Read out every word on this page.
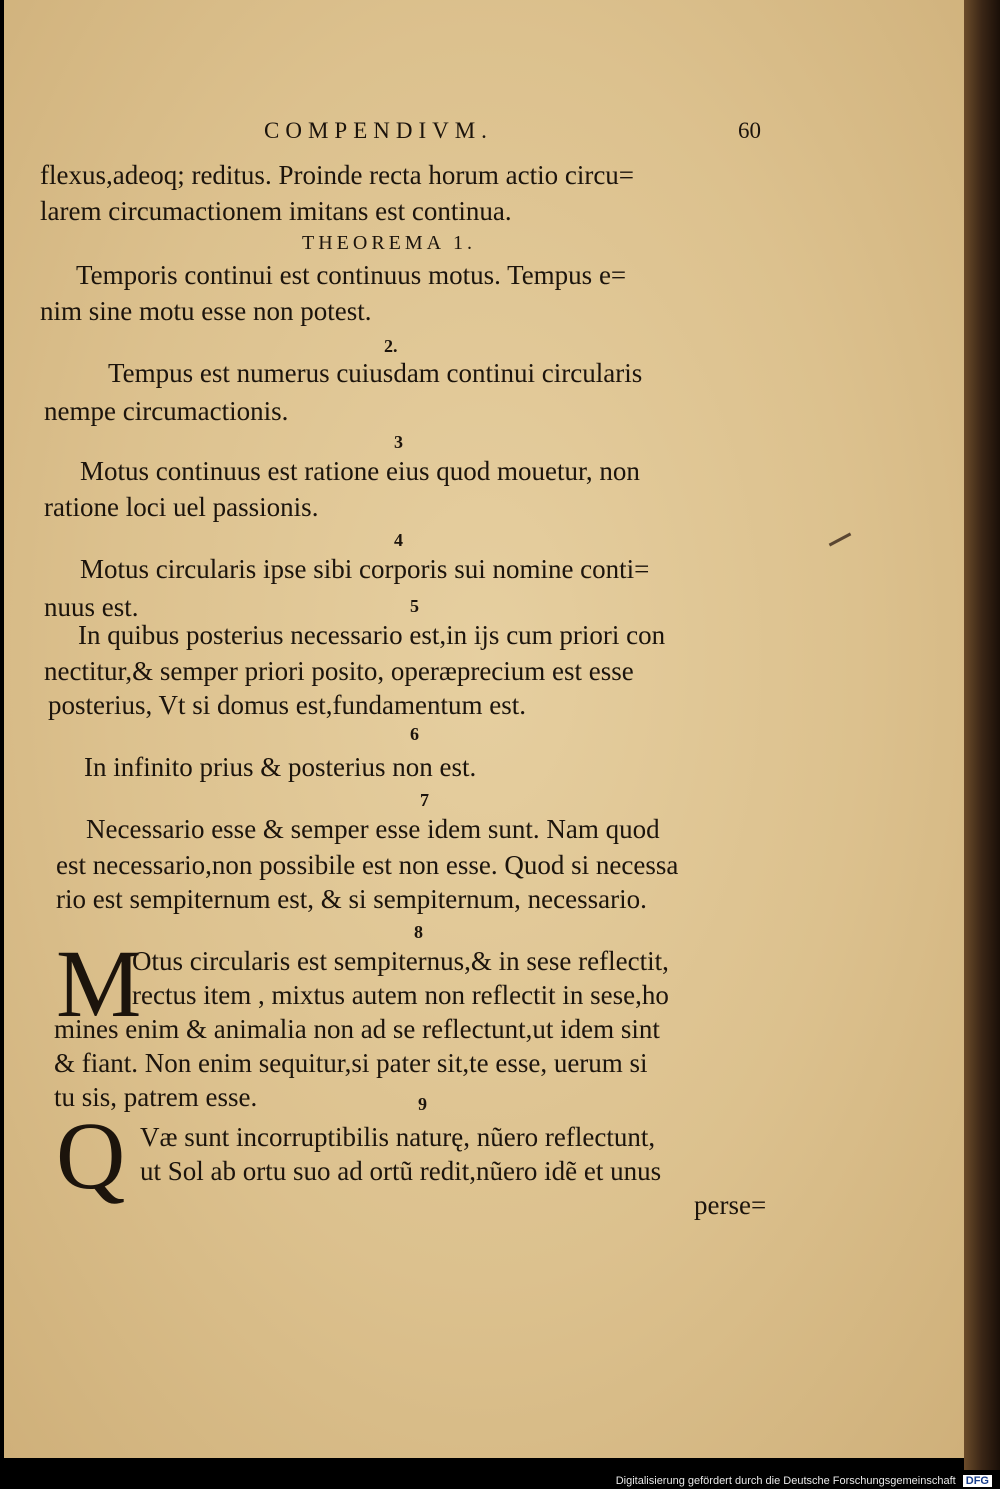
COMPENDIVM.	60
flexus,adeoq; reditus. Proinde recta horum actio circu=
larem circumactionem imitans est continua.
THEOREMA 1.
Temporis continui est continuus motus. Tempus e=
nim sine motu esse non potest.
2.
Tempus est numerus cuiusdam continui circularis
nempe circumactionis.
3
Motus continuus est ratione eius quod mouetur, non
ratione loci uel passionis.
4
Motus circularis ipse sibi corporis sui nomine conti=
nuus est.	5
In quibus posterius necessario est,in ijs cum priori con
nectitur,& semper priori posito, operæprecium est esse
posterius, Vt si domus est,fundamentum est.
6
In infinito prius & posterius non est.
7
Necessario esse & semper esse idem sunt. Nam quod
est necessario,non possibile est non esse. Quod si necessa
rio est sempiternum est, & si sempiternum, necessario.
8
M
Otus circularis est sempiternus,& in sese reflectit,
rectus item , mixtus autem non reflectit in sese,ho
mines enim & animalia non ad se reflectunt,ut idem sint
& fiant. Non enim sequitur,si pater sit,te esse, uerum si
tu sis, patrem esse.	9
Q Væ sunt incorruptibilis naturę, nũero reflectunt,
ut Sol ab ortu suo ad ortũ redit,nũero idẽ et unus
perse=
Digitalisierung gefördert durch die Deutsche Forschungsgemeinschaft DFG
